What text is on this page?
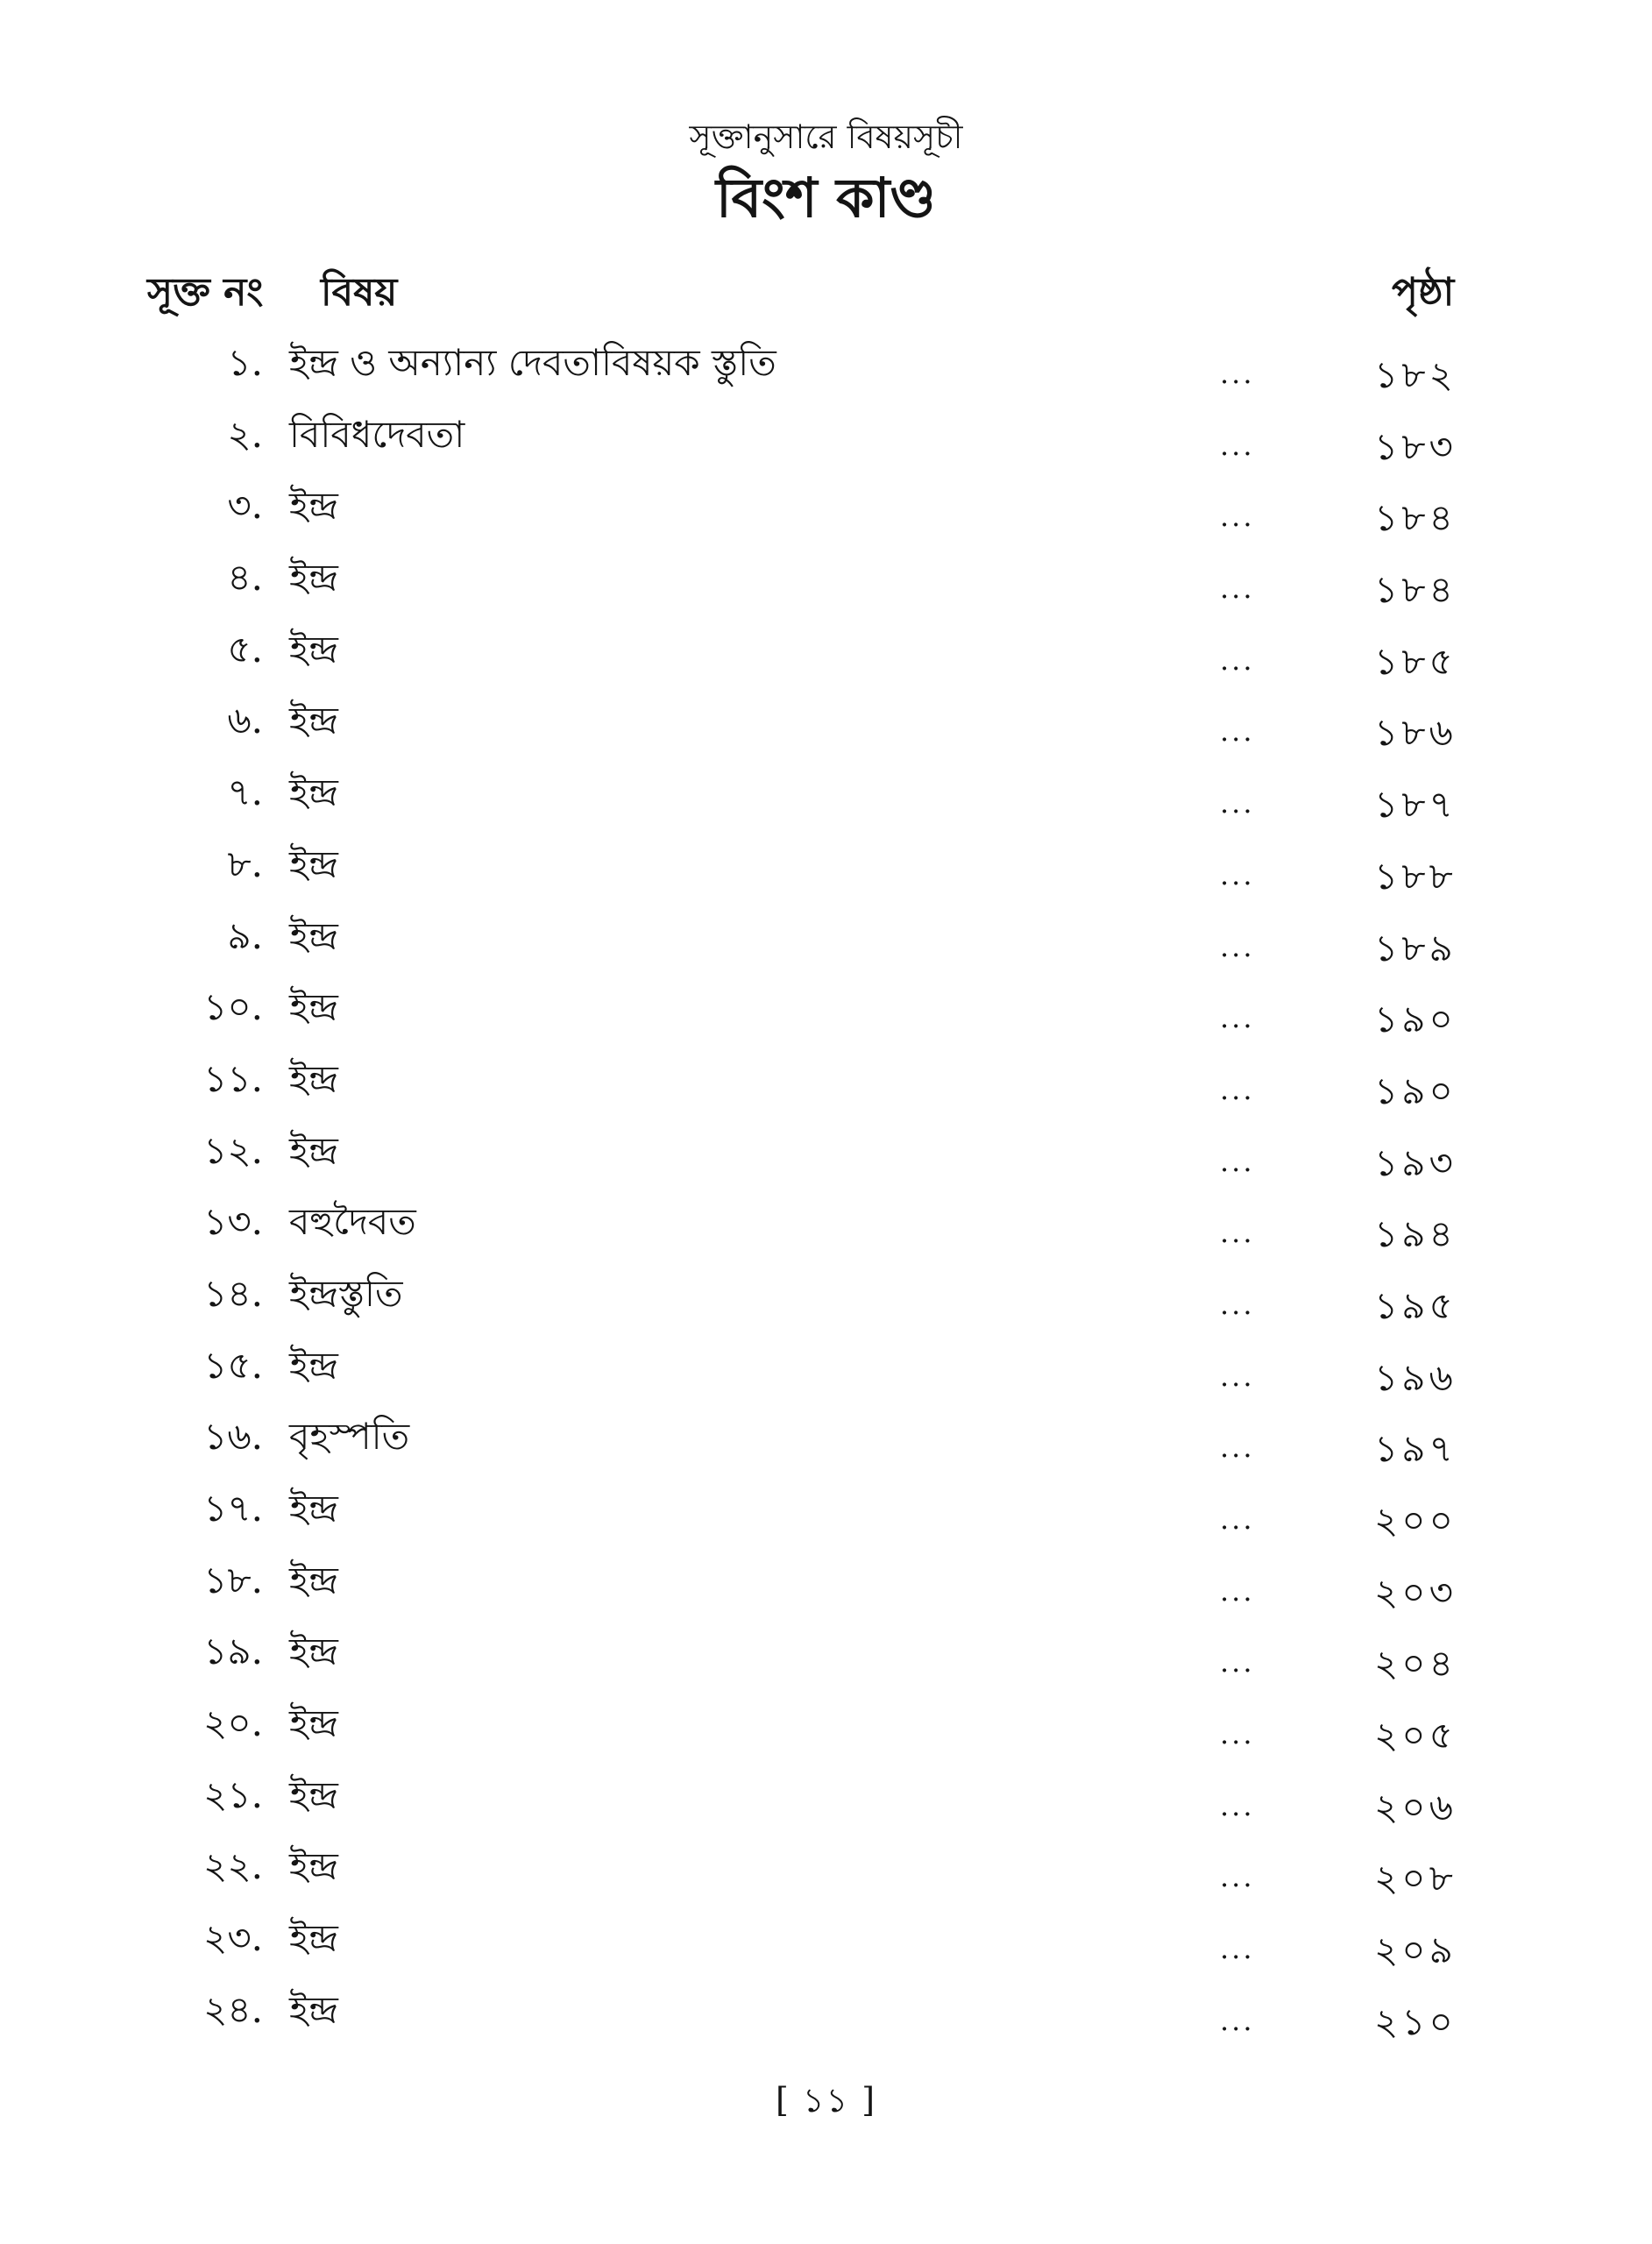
সূক্তানুসারে বিষয়সূচী
বিংশ কাণ্ড
সূক্ত নং বিষয়	পৃষ্ঠা
১. ইন্দ্র ও অন্যান্য দেবতাবিষয়ক স্তুতি	...	১৮২
২. বিবিধদেবতা	...	১৮৩
৩. ইন্দ্র	...	১৮৪
৪. ইন্দ্র	...	১৮৪
৫. ইন্দ্র	...	১৮৫
৬. ইন্দ্র	...	১৮৬
৭. ইন্দ্র	...	১৮৭
৮. ইন্দ্র	...	১৮৮
৯. ইন্দ্র	...	১৮৯
১০. ইন্দ্র	...	১৯০
১১. ইন্দ্র	...	১৯০
১২. ইন্দ্র	...	১৯৩
১৩. বহুদৈবত	...	১৯৪
১৪. ইন্দ্রস্তুতি	...	১৯৫
১৫. ইন্দ্র	...	১৯৬
১৬. বৃহস্পতি	...	১৯৭
১৭. ইন্দ্র	...	২০০
১৮. ইন্দ্র	...	২০৩
১৯. ইন্দ্র	...	২০৪
২০. ইন্দ্র	...	২০৫
২১. ইন্দ্র	...	২০৬
২২. ইন্দ্র	...	২০৮
২৩. ইন্দ্র	...	২০৯
২৪. ইন্দ্র	...	২১০
[ ১১ ]
